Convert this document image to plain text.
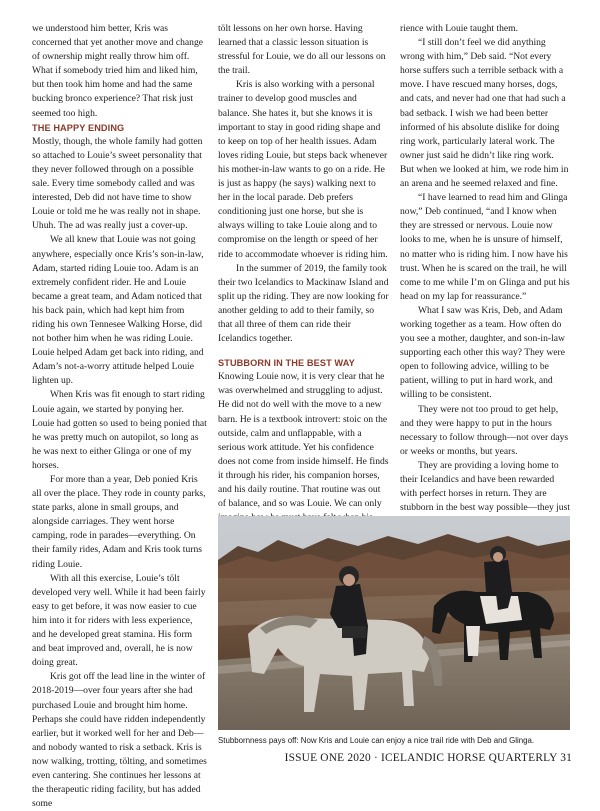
we understood him better, Kris was concerned that yet another move and change of ownership might really throw him off. What if somebody tried him and liked him, but then took him home and had the same bucking bronco experience? That risk just seemed too high.

THE HAPPY ENDING

Mostly, though, the whole family had gotten so attached to Louie’s sweet personality that they never followed through on a possible sale. Every time somebody called and was interested, Deb did not have time to show Louie or told me he was really not in shape. Uhuh. The ad was really just a cover-up.

We all knew that Louie was not going anywhere, especially once Kris’s son-in-law, Adam, started riding Louie too. Adam is an extremely confident rider. He and Louie became a great team, and Adam noticed that his back pain, which had kept him from riding his own Tennesee Walking Horse, did not bother him when he was riding Louie. Louie helped Adam get back into riding, and Adam’s not-a-worry attitude helped Louie lighten up.

When Kris was fit enough to start riding Louie again, we started by ponying her. Louie had gotten so used to being ponied that he was pretty much on autopilot, so long as he was next to either Glinga or one of my horses.

For more than a year, Deb ponied Kris all over the place. They rode in county parks, state parks, alone in small groups, and alongside carriages. They went horse camping, rode in parades—everything. On their family rides, Adam and Kris took turns riding Louie.

With all this exercise, Louie’s tölt developed very well. While it had been fairly easy to get before, it was now easier to cue him into it for riders with less experience, and he developed great stamina. His form and beat improved and, overall, he is now doing great.

Kris got off the lead line in the winter of 2018-2019—over four years after she had purchased Louie and brought him home. Perhaps she could have ridden independently earlier, but it worked well for her and Deb—and nobody wanted to risk a setback. Kris is now walking, trotting, tölting, and sometimes even cantering. She continues her lessons at the therapeutic riding facility, but has added some

tölt lessons on her own horse. Having learned that a classic lesson situation is stressful for Louie, we do all our lessons on the trail.

Kris is also working with a personal trainer to develop good muscles and balance. She hates it, but she knows it is important to stay in good riding shape and to keep on top of her health issues. Adam loves riding Louie, but steps back whenever his mother-in-law wants to go on a ride. He is just as happy (he says) walking next to her in the local parade. Deb prefers conditioning just one horse, but she is always willing to take Louie along and to compromise on the length or speed of her ride to accommodate whoever is riding him.

In the summer of 2019, the family took their two Icelandics to Mackinaw Island and split up the riding. They are now looking for another gelding to add to their family, so that all three of them can ride their Icelandics together.

STUBBORN IN THE BEST WAY

Knowing Louie now, it is very clear that he was overwhelmed and struggling to adjust. He did not do well with the move to a new barn. He is a textbook introvert: stoic on the outside, calm and unflappable, with a serious work attitude. Yet his confidence does not come from inside himself. He finds it through his rider, his companion horses, and his daily routine. That routine was out of balance, and so was Louie. We can only

rience with Louie taught them.

“I still don’t feel we did anything wrong with him,” Deb said. “Not every horse suffers such a terrible setback with a move. I have rescued many horses, dogs, and cats, and never had one that had such a bad setback. I wish we had been better informed of his absolute dislike for doing ring work, particularly lateral work. The owner just said he didn’t like ring work. But when we looked at him, we rode him in an arena and he seemed relaxed and fine.

“I have learned to read him and Glinga now,” Deb continued, “and I know when they are stressed or nervous. Louie now looks to me, when he is unsure of himself, no matter who is riding him. I now have his trust. When he is scared on the trail, he will come to me while I’m on Glinga and put his head on my lap for reassurance.”

What I saw was Kris, Deb, and Adam working together as a team. How often do you see a mother, daughter, and son-in-law supporting each other this way? They were open to following advice, willing to be patient, willing to put in hard work, and willing to be consistent.

They were not too proud to get help, and they were happy to put in the hours necessary to follow through—not over days or weeks or months, but years.

They are providing a loving home to their Icelandics and have been rewarded with perfect horses in return. They are stubborn in the best way possible—they just

Stubbornness pays off: Now Kris and Louie can enjoy a nice trail ride with Deb and Glinga.
ISSUE ONE 2020 · ICELANDIC HORSE QUARTERLY 31
